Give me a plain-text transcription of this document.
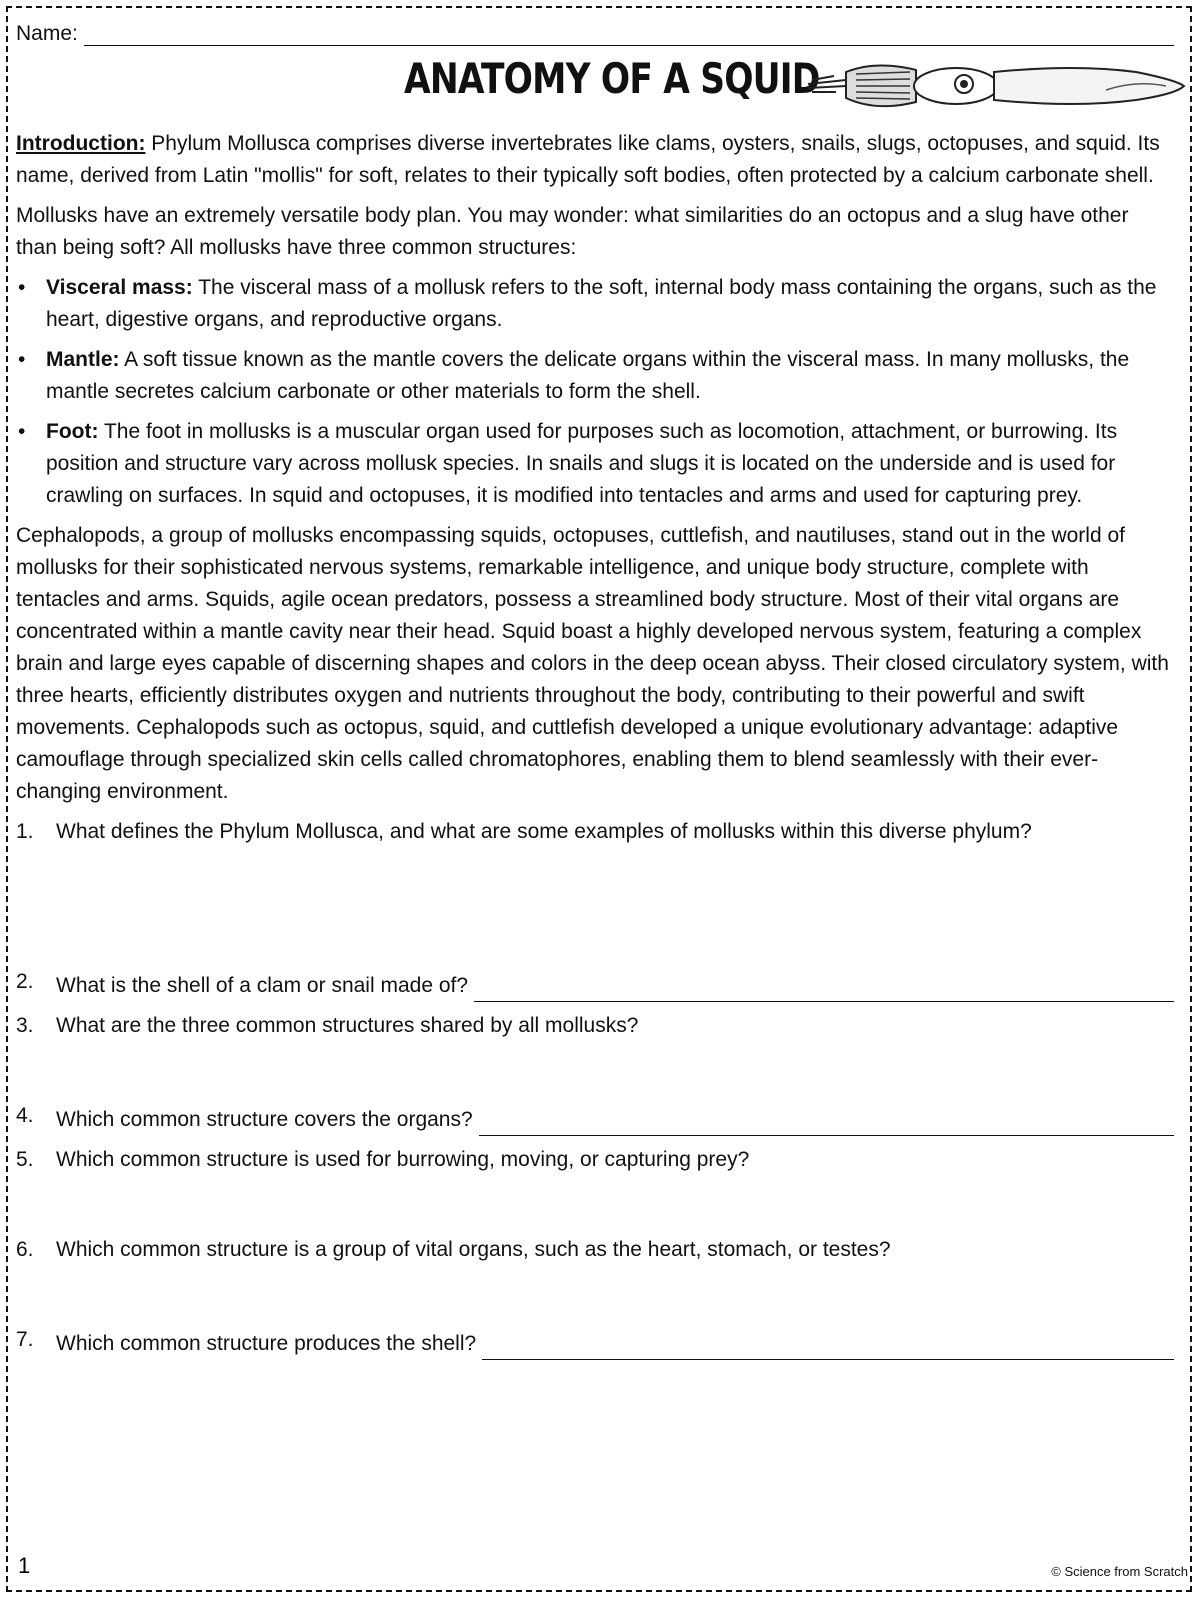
Name:
ANATOMY OF A SQUID

Introduction: Phylum Mollusca comprises diverse invertebrates like clams, oysters, snails, slugs, octopuses, and squid. Its name, derived from Latin "mollis" for soft, relates to their typically soft bodies, often protected by a calcium carbonate shell.

Mollusks have an extremely versatile body plan. You may wonder: what similarities do an octopus and a slug have other than being soft? All mollusks have three common structures:

• Visceral mass: The visceral mass of a mollusk refers to the soft, internal body mass containing the organs, such as the heart, digestive organs, and reproductive organs.
• Mantle: A soft tissue known as the mantle covers the delicate organs within the visceral mass. In many mollusks, the mantle secretes calcium carbonate or other materials to form the shell.
• Foot: The foot in mollusks is a muscular organ used for purposes such as locomotion, attachment, or burrowing. Its position and structure vary across mollusk species. In snails and slugs it is located on the underside and is used for crawling on surfaces. In squid and octopuses, it is modified into tentacles and arms and used for capturing prey.

Cephalopods, a group of mollusks encompassing squids, octopuses, cuttlefish, and nautiluses, stand out in the world of mollusks for their sophisticated nervous systems, remarkable intelligence, and unique body structure, complete with tentacles and arms. Squids, agile ocean predators, possess a streamlined body structure. Most of their vital organs are concentrated within a mantle cavity near their head. Squid boast a highly developed nervous system, featuring a complex brain and large eyes capable of discerning shapes and colors in the deep ocean abyss. Their closed circulatory system, with three hearts, efficiently distributes oxygen and nutrients throughout the body, contributing to their powerful and swift movements. Cephalopods such as octopus, squid, and cuttlefish developed a unique evolutionary advantage: adaptive camouflage through specialized skin cells called chromatophores, enabling them to blend seamlessly with their ever-changing environment.

1. What defines the Phylum Mollusca, and what are some examples of mollusks within this diverse phylum?
2. What is the shell of a clam or snail made of?
3. What are the three common structures shared by all mollusks?
4. Which common structure covers the organs?
5. Which common structure is used for burrowing, moving, or capturing prey?
6. Which common structure is a group of vital organs, such as the heart, stomach, or testes?
7. Which common structure produces the shell?
1	© Science from Scratch
